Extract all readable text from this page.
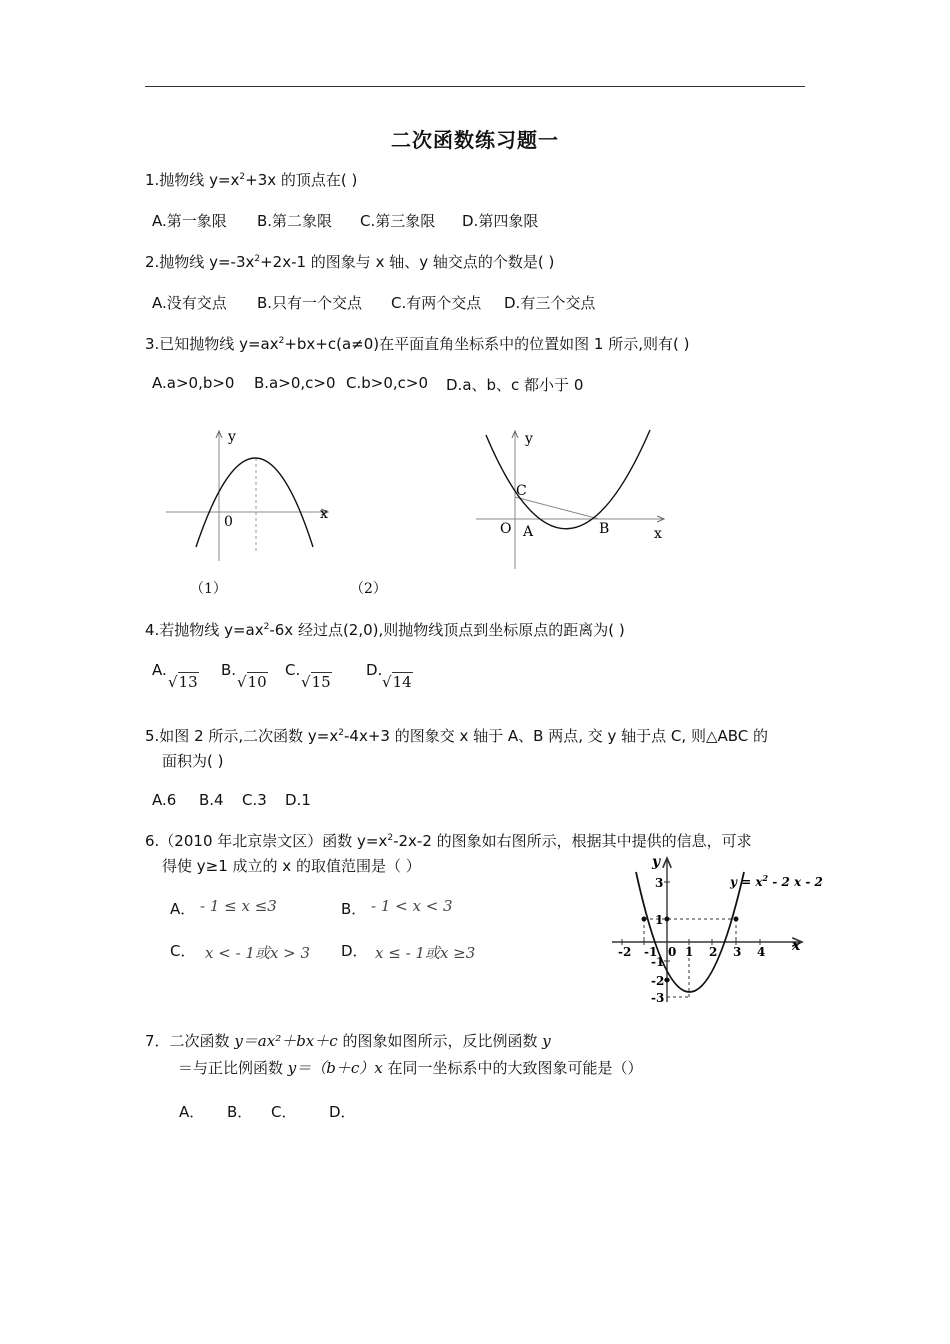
二次函数练习题一
1.抛物线 $y=x^2+3x$ 的顶点在( )
A.第一象限 B.第二象限 C.第三象限 D.第四象限
2.抛物线 $y=-3x^2+2x-1$ 的图象与 x 轴、y 轴交点的个数是( )
A.没有交点 B.只有一个交点 C.有两个交点 D.有三个交点
3.已知抛物线 $y=ax^2+bx+c(a\ne 0)$在平面直角坐标系中的位置如图 1 所示,则有( )
A.a>0,b>0 B.a>0,c>0 C.b>0,c>0 D.a、b、c 都小于 0
y
x
0
（1）
y
x
O A	B
C
（2）
4.若抛物线 $y=ax^2-6x$ 经过点(2,0),则抛物线顶点到坐标原点的距离为( )
A.
√13
B.
√10
C.
√15
D.
√14
5.如图 2 所示,二次函数 $y=x^2-4x+3$ 的图象交 x 轴于 A、B 两点, 交 y 轴于点 C, 则△ABC 的
面积为( )
A.6 B.4 C.3 D.1
6.（2010 年北京崇文区）函数 $y=x^2-2x-2$ 的图象如右图所示，根据其中提供的信息，可求
得使 y≥1 成立的 x 的取值范围是（ ）
A． - 1 ≤ x ≤3	B． - 1 < x < 3
C． x < - 1或x > 3 D． x ≤ - 1或x ≥3
y
x
$y = x^2 - 2$ x - 2
-2 -1 0 1 2 3 4
3
1
-1
-2
-3
7．二次函数 y＝ax²＋bx＋c 的图象如图所示，反比例函数 y
＝与正比例函数 y＝（b＋c）x 在同一坐标系中的大致图象可能是（）
A． B． C． D．
